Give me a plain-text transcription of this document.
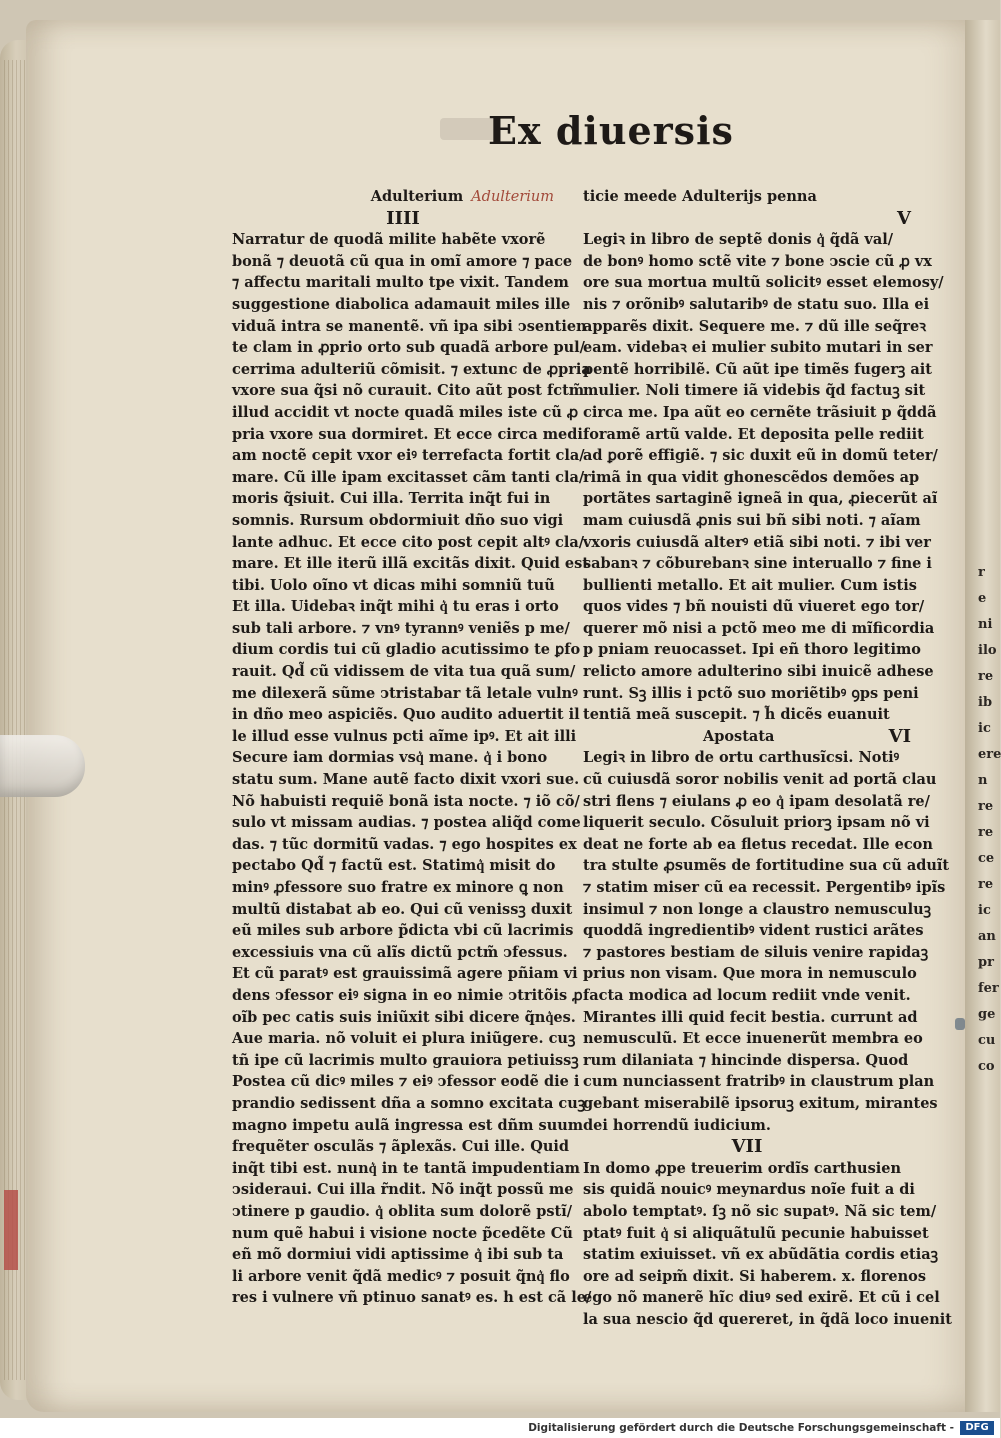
r
e
ni
ilo
re
ib
ic
ere
n
re
re
ce
re
ic
an
pr
fer
ge
cu
co
Ex diuersis
Adulterium Adulterium
IIII
Narratur de quodã milite habẽte vxorẽ
bonã ⁊ deuotã cũ qua in omĩ amore ⁊ pace
⁊ affectu maritali multo tpe vixit. Tandem
suggestione diabolica adamauit miles ille
viduã intra se manentẽ. vñ ipa sibi ↄsentien
te clam in ꝓprio orto sub quadã arbore pul/
cerrima adulteriũ cõmisit. ⁊ extunc de ꝓpria
vxore sua q̃si nõ curauit. Cito aũt post fctm̃
illud accidit vt nocte quadã miles iste cũ ꝓ
pria vxore sua dormiret. Et ecce circa medi
am noctẽ cepit vxor eiꝰ terrefacta fortit cla/
mare. Cũ ille ipam excitasset cãm tanti cla/
moris q̃siuit. Cui illa. Territa inq̃t fui in
somnis. Rursum obdormiuit dño suo vigi
lante adhuc. Et ecce cito post cepit altꝰ cla/
mare. Et ille iterũ illã excitãs dixit. Quid est
tibi. Uolo oĩno vt dicas mihi somniũ tuũ
Et illa. Uidebaꝛ inq̃t mihi q͛ tu eras i orto
sub tali arbore. ⁊ vnꝰ tyrannꝰ veniẽs p me/
dium cordis tui cũ gladio acutissimo te ꝑfo
rauit. Qd̃ cũ vidissem de vita tua quã sum/
me dilexerã sũme ↄtristabar tã letale vulnꝰ
in dño meo aspiciẽs. Quo audito aduertit il
le illud esse vulnus pcti aĩme ipꝰ. Et ait illi
Secure iam dormias vsq͛ mane. q͛ i bono
statu sum. Mane autẽ facto dixit vxori sue.
Nõ habuisti requiẽ bonã ista nocte. ⁊ iõ cõ/
sulo vt missam audias. ⁊ postea aliq̃d come
das. ⁊ tũc dormitũ vadas. ⁊ ego hospites ex
pectabo Qd̃ ⁊ factũ est. Statimq͛ misit do
minꝰ ꝓfessore suo fratre ex minore ꝗ non
multũ distabat ab eo. Qui cũ venissꝫ duxit
eũ miles sub arbore p̃dicta vbi cũ lacrimis
excessiuis vna cũ alĩs dictũ pctm̃ ↄfessus.
Et cũ paratꝰ est grauissimã agere pñiam vi
dens ↄfessor eiꝰ signa in eo nimie ↄtritõis ꝓ
oĩb pec catis suis iniũxit sibi dicere q̃nq͛es.
Aue maria. nõ voluit ei plura iniũgere. cuꝫ
tñ ipe cũ lacrimis multo grauiora petiuissꝫ
Postea cũ dicꝰ miles ⁊ eiꝰ ↄfessor eodẽ die i
prandio sedissent dña a somno excitata cuꝫ
magno impetu aulã ingressa est dñm suum
frequẽter osculãs ⁊ ãplexãs. Cui ille. Quid
inq̃t tibi est. nunq͛ in te tantã impudentiam
ↄsideraui. Cui illa r̃ndit. Nõ inq̃t possũ me
ↄtinere p gaudio. q͛ oblita sum dolorẽ pstĩ/
num quẽ habui i visione nocte p̃cedẽte Cũ
eñ mõ dormiui vidi aptissime q͛ ibi sub ta
li arbore venit q̃dã medicꝰ ⁊ posuit q̃nq͛ flo
res i vulnere vñ ptinuo sanatꝰ es. h est cã le/
ticie meede Adulterijs penna
V
Legiꝛ in libro de septẽ donis q͛ q̃dã val/
de bonꝰ homo sctẽ vite ⁊ bone ↄscie cũ ꝓ vx
ore sua mortua multũ solicitꝰ esset elemosy/
nis ⁊ orõnibꝰ salutaribꝰ de statu suo. Illa ei
apparẽs dixit. Sequere me. ⁊ dũ ille seq̃reꝛ
eam. videbaꝛ ei mulier subito mutari in ser
pentẽ horribilẽ. Cũ aũt ipe timẽs fugerꝫ ait
mulier. Noli timere iã videbis q̃d factuꝫ sit
circa me. Ipa aũt eo cernẽte trãsiuit p q̃ddã
foramẽ artũ valde. Et deposita pelle rediit
ad ꝑorẽ effigiẽ. ⁊ sic duxit eũ in domũ teter/
rimã in qua vidit ghonescẽdos demões ap
portãtes sartaginẽ igneã in qua, ꝓiecerũt aĩ
mam cuiusdã ꝓnis sui bñ sibi noti. ⁊ aĩam
vxoris cuiusdã alterꝰ etiã sibi noti. ⁊ ibi ver
sabanꝛ ⁊ cõburebanꝛ sine interuallo ⁊ fine i
bullienti metallo. Et ait mulier. Cum istis
quos vides ⁊ bñ nouisti dũ viueret ego tor/
querer mõ nisi a pctõ meo me di mĩficordia
p pniam reuocasset. Ipi eñ thoro legitimo
relicto amore adulterino sibi inuicẽ adhese
runt. Sꝫ illis i pctõ suo moriẽtibꝰ ꝯps peni
tentiã meã suscepit. ⁊ h̃ dicẽs euanuit
Apostata	VI
Legiꝛ in libro de ortu carthusĩcsi. Notiꝰ
cũ cuiusdã soror nobilis venit ad portã clau
stri flens ⁊ eiulans ꝓ eo q͛ ipam desolatã re/
liquerit seculo. Cõsuluit priorꝫ ipsam nõ vi
deat ne forte ab ea fletus recedat. Ille econ
tra stulte ꝓsumẽs de fortitudine sua cũ aduĩt
⁊ statim miser cũ ea recessit. Pergentibꝰ ipĩs
insimul ⁊ non longe a claustro nemusculuꝫ
quoddã ingredientibꝰ vident rustici arãtes
⁊ pastores bestiam de siluis venire rapidaꝫ
prius non visam. Que mora in nemusculo
facta modica ad locum rediit vnde venit.
Mirantes illi quid fecit bestia. currunt ad
nemusculũ. Et ecce inuenerũt membra eo
rum dilaniata ⁊ hincinde dispersa. Quod
cum nunciassent fratribꝰ in claustrum plan
gebant miserabilẽ ipsoruꝫ exitum, mirantes
dei horrendũ iudicium.
VII
In domo ꝓpe treuerim ordĩs carthusien
sis quidã nouicꝰ meynardus noĩe fuit a di
abolo temptatꝰ. ſꝫ nõ sic supatꝰ. Nã sic tem/
ptatꝰ fuit q͛ si aliquãtulũ pecunie habuisset
statim exiuisset. vñ ex abũdãtia cordis etiaꝫ
ore ad seipm̃ dixit. Si haberem. x. florenos
ego nõ manerẽ hĩc diuꝰ sed exirẽ. Et cũ i cel
la sua nescio q̃d quereret, in q̃dã loco inuenit
Digitalisierung gefördert durch die Deutsche Forschungsgemeinschaft -	DFG
